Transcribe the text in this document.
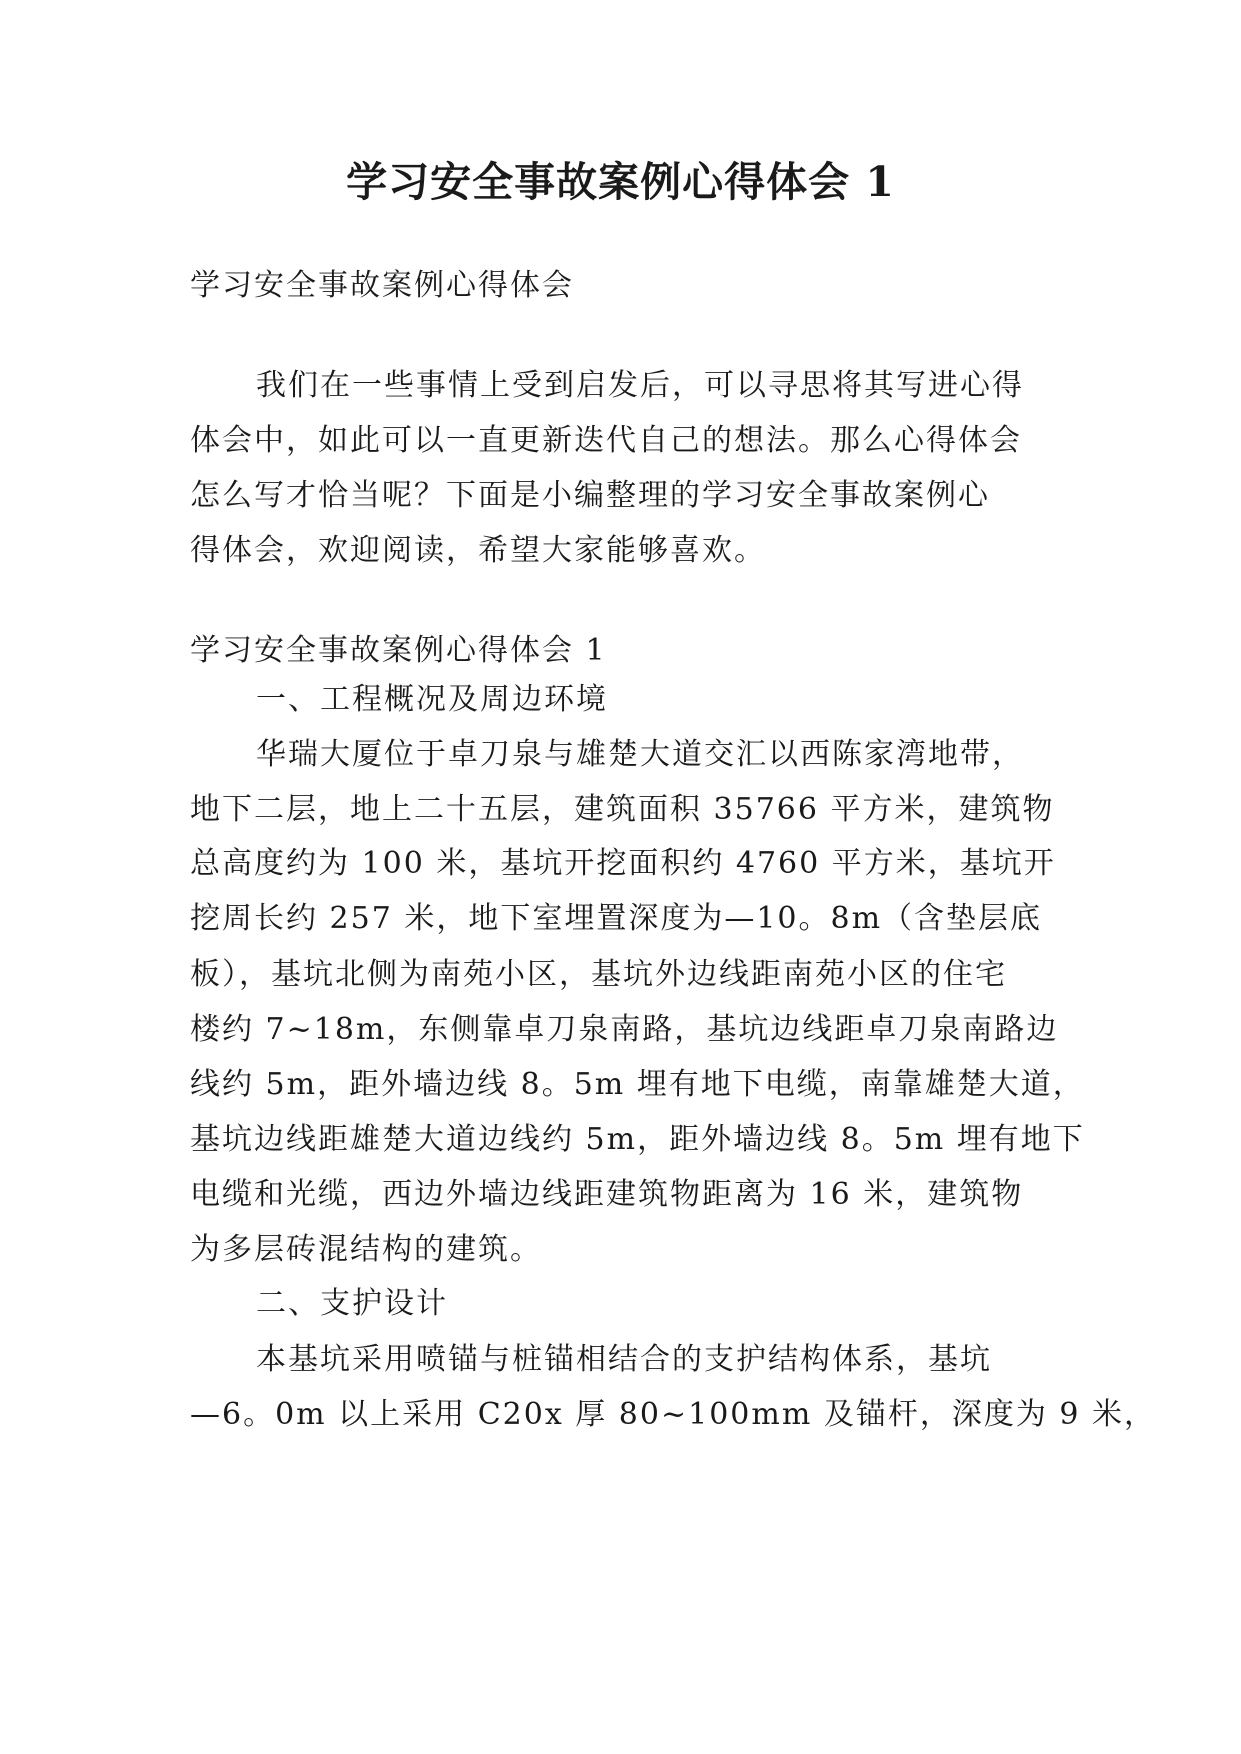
学习安全事故案例心得体会 1
学习安全事故案例心得体会
我们在一些事情上受到启发后，可以寻思将其写进心得
体会中，如此可以一直更新迭代自己的想法。那么心得体会
怎么写才恰当呢？下面是小编整理的学习安全事故案例心
得体会，欢迎阅读，希望大家能够喜欢。
学习安全事故案例心得体会 1
一、工程概况及周边环境
华瑞大厦位于卓刀泉与雄楚大道交汇以西陈家湾地带，
地下二层，地上二十五层，建筑面积 35766 平方米，建筑物
总高度约为 100 米，基坑开挖面积约 4760 平方米，基坑开
挖周长约 257 米，地下室埋置深度为—10。8m（含垫层底
板），基坑北侧为南苑小区，基坑外边线距南苑小区的住宅
楼约 7~18m，东侧靠卓刀泉南路，基坑边线距卓刀泉南路边
线约 5m，距外墙边线 8。5m 埋有地下电缆，南靠雄楚大道，
基坑边线距雄楚大道边线约 5m，距外墙边线 8。5m 埋有地下
电缆和光缆，西边外墙边线距建筑物距离为 16 米，建筑物
为多层砖混结构的建筑。
二、支护设计
本基坑采用喷锚与桩锚相结合的支护结构体系，基坑
—6。0m 以上采用 C20x 厚 80~100mm 及锚杆，深度为 9 米，
